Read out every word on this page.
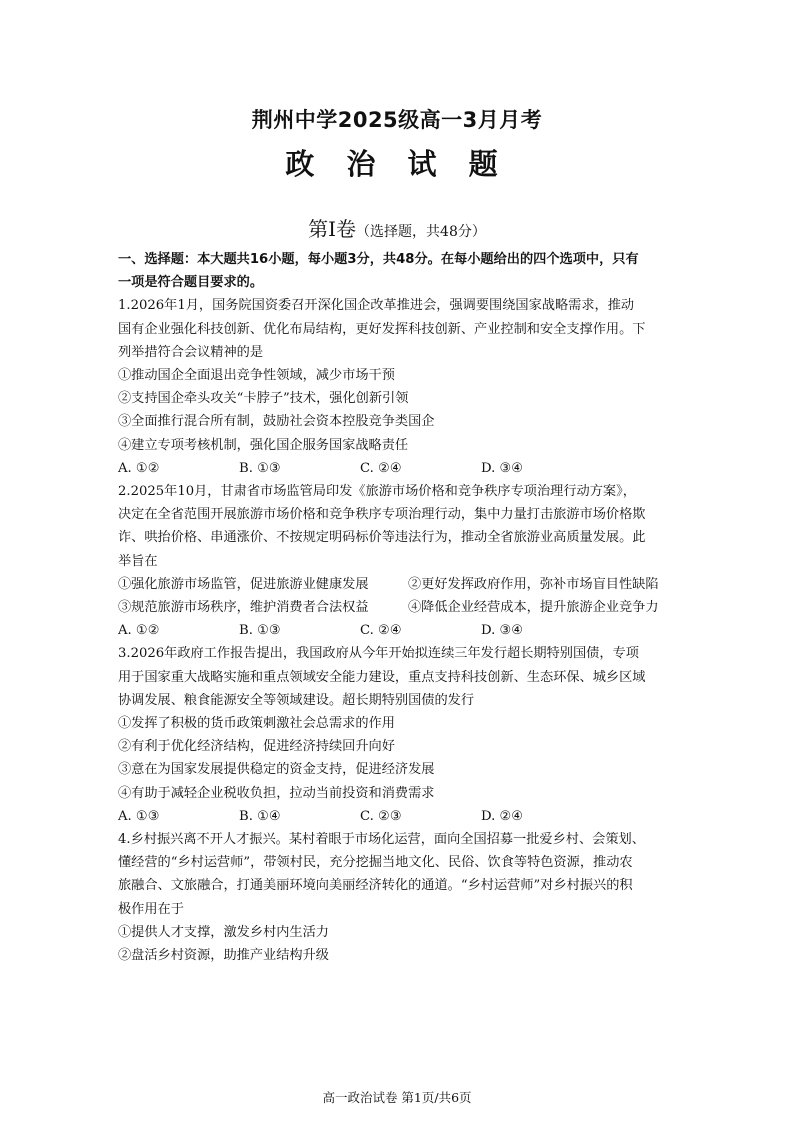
荆州中学2025级高一3月月考
政 治 试 题
第Ⅰ卷（选择题，共48分）

一、选择题：本大题共16小题，每小题3分，共48分。在每小题给出的四个选项中，只有

一项是符合题目要求的。

1.2026年1月，国务院国资委召开深化国企改革推进会，强调要围绕国家战略需求，推动

国有企业强化科技创新、优化布局结构，更好发挥科技创新、产业控制和安全支撑作用。下

列举措符合会议精神的是

①推动国企全面退出竞争性领域，减少市场干预

②支持国企牵头攻关“卡脖子”技术，强化创新引领

③全面推行混合所有制，鼓励社会资本控股竞争类国企

④建立专项考核机制，强化国企服务国家战略责任

A. ①②	B. ①③	C. ②④	D. ③④

2.2025年10月，甘肃省市场监管局印发《旅游市场价格和竞争秩序专项治理行动方案》，

决定在全省范围开展旅游市场价格和竞争秩序专项治理行动，集中力量打击旅游市场价格欺

诈、哄抬价格、串通涨价、不按规定明码标价等违法行为，推动全省旅游业高质量发展。此

举旨在

①强化旅游市场监管，促进旅游业健康发展	②更好发挥政府作用，弥补市场盲目性缺陷
③规范旅游市场秩序，维护消费者合法权益	④降低企业经营成本，提升旅游企业竞争力
A. ①②	B. ①③	C. ②④	D. ③④

3.2026年政府工作报告提出，我国政府从今年开始拟连续三年发行超长期特别国债，专项

用于国家重大战略实施和重点领域安全能力建设，重点支持科技创新、生态环保、城乡区域

协调发展、粮食能源安全等领域建设。超长期特别国债的发行

①发挥了积极的货币政策刺激社会总需求的作用

②有利于优化经济结构，促进经济持续回升向好

③意在为国家发展提供稳定的资金支持，促进经济发展

④有助于减轻企业税收负担，拉动当前投资和消费需求

A. ①③	B. ①④	C. ②③	D. ②④

4.乡村振兴离不开人才振兴。某村着眼于市场化运营，面向全国招募一批爱乡村、会策划、

懂经营的“乡村运营师”，带领村民，充分挖掘当地文化、民俗、饮食等特色资源，推动农

旅融合、文旅融合，打通美丽环境向美丽经济转化的通道。“乡村运营师”对乡村振兴的积

极作用在于

①提供人才支撑，激发乡村内生活力

②盘活乡村资源，助推产业结构升级

高一政治试卷 第1页/共6页
